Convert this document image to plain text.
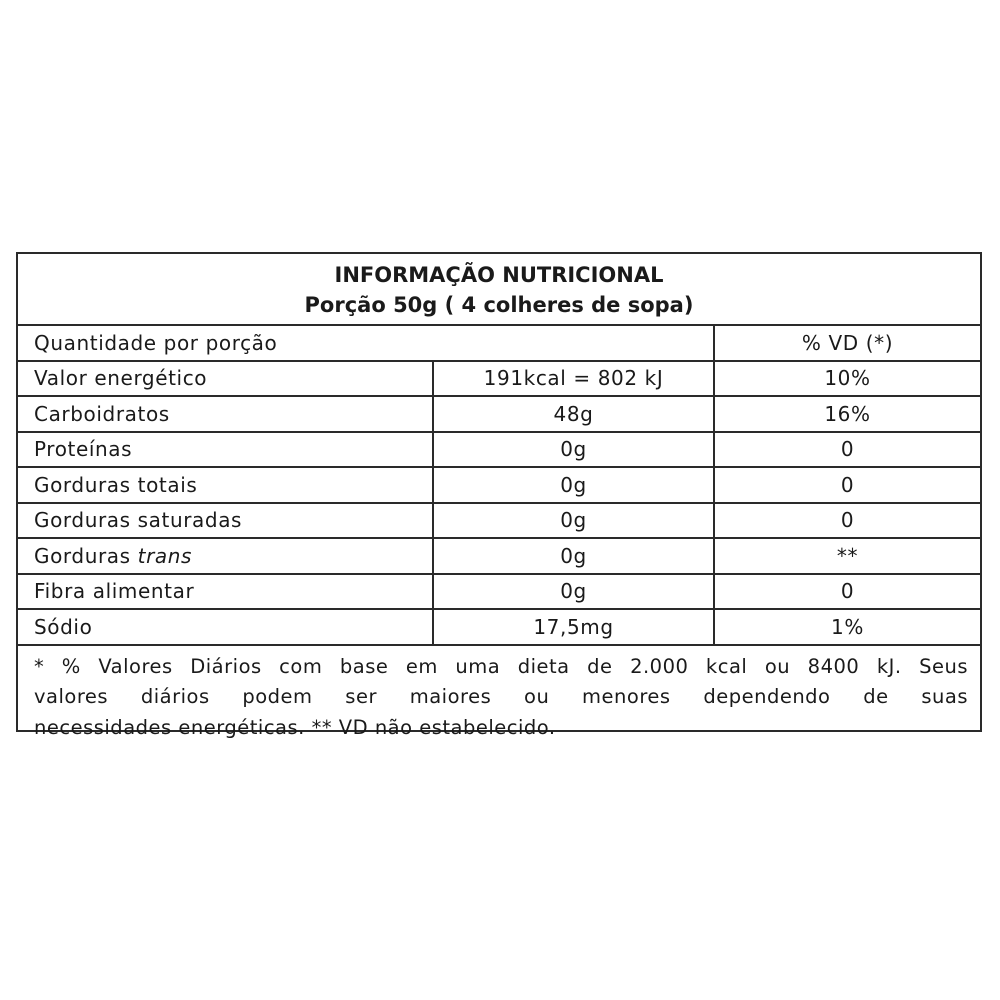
INFORMAÇÃO NUTRICIONAL
Porção 50g ( 4 colheres de sopa)
Quantidade por porção	% VD (*)
Valor energético	191kcal = 802 kJ	10%
Carboidratos	48g	16%
Proteínas	0g	0
Gorduras totais	0g	0
Gorduras saturadas	0g	0
Gorduras trans	0g	**
Fibra alimentar	0g	0
Sódio	17,5mg	1%
* % Valores Diários com base em uma dieta de 2.000 kcal ou 8400 kJ. Seus
valores diários podem ser maiores ou menores dependendo de suas
necessidades energéticas. ** VD não estabelecido.
